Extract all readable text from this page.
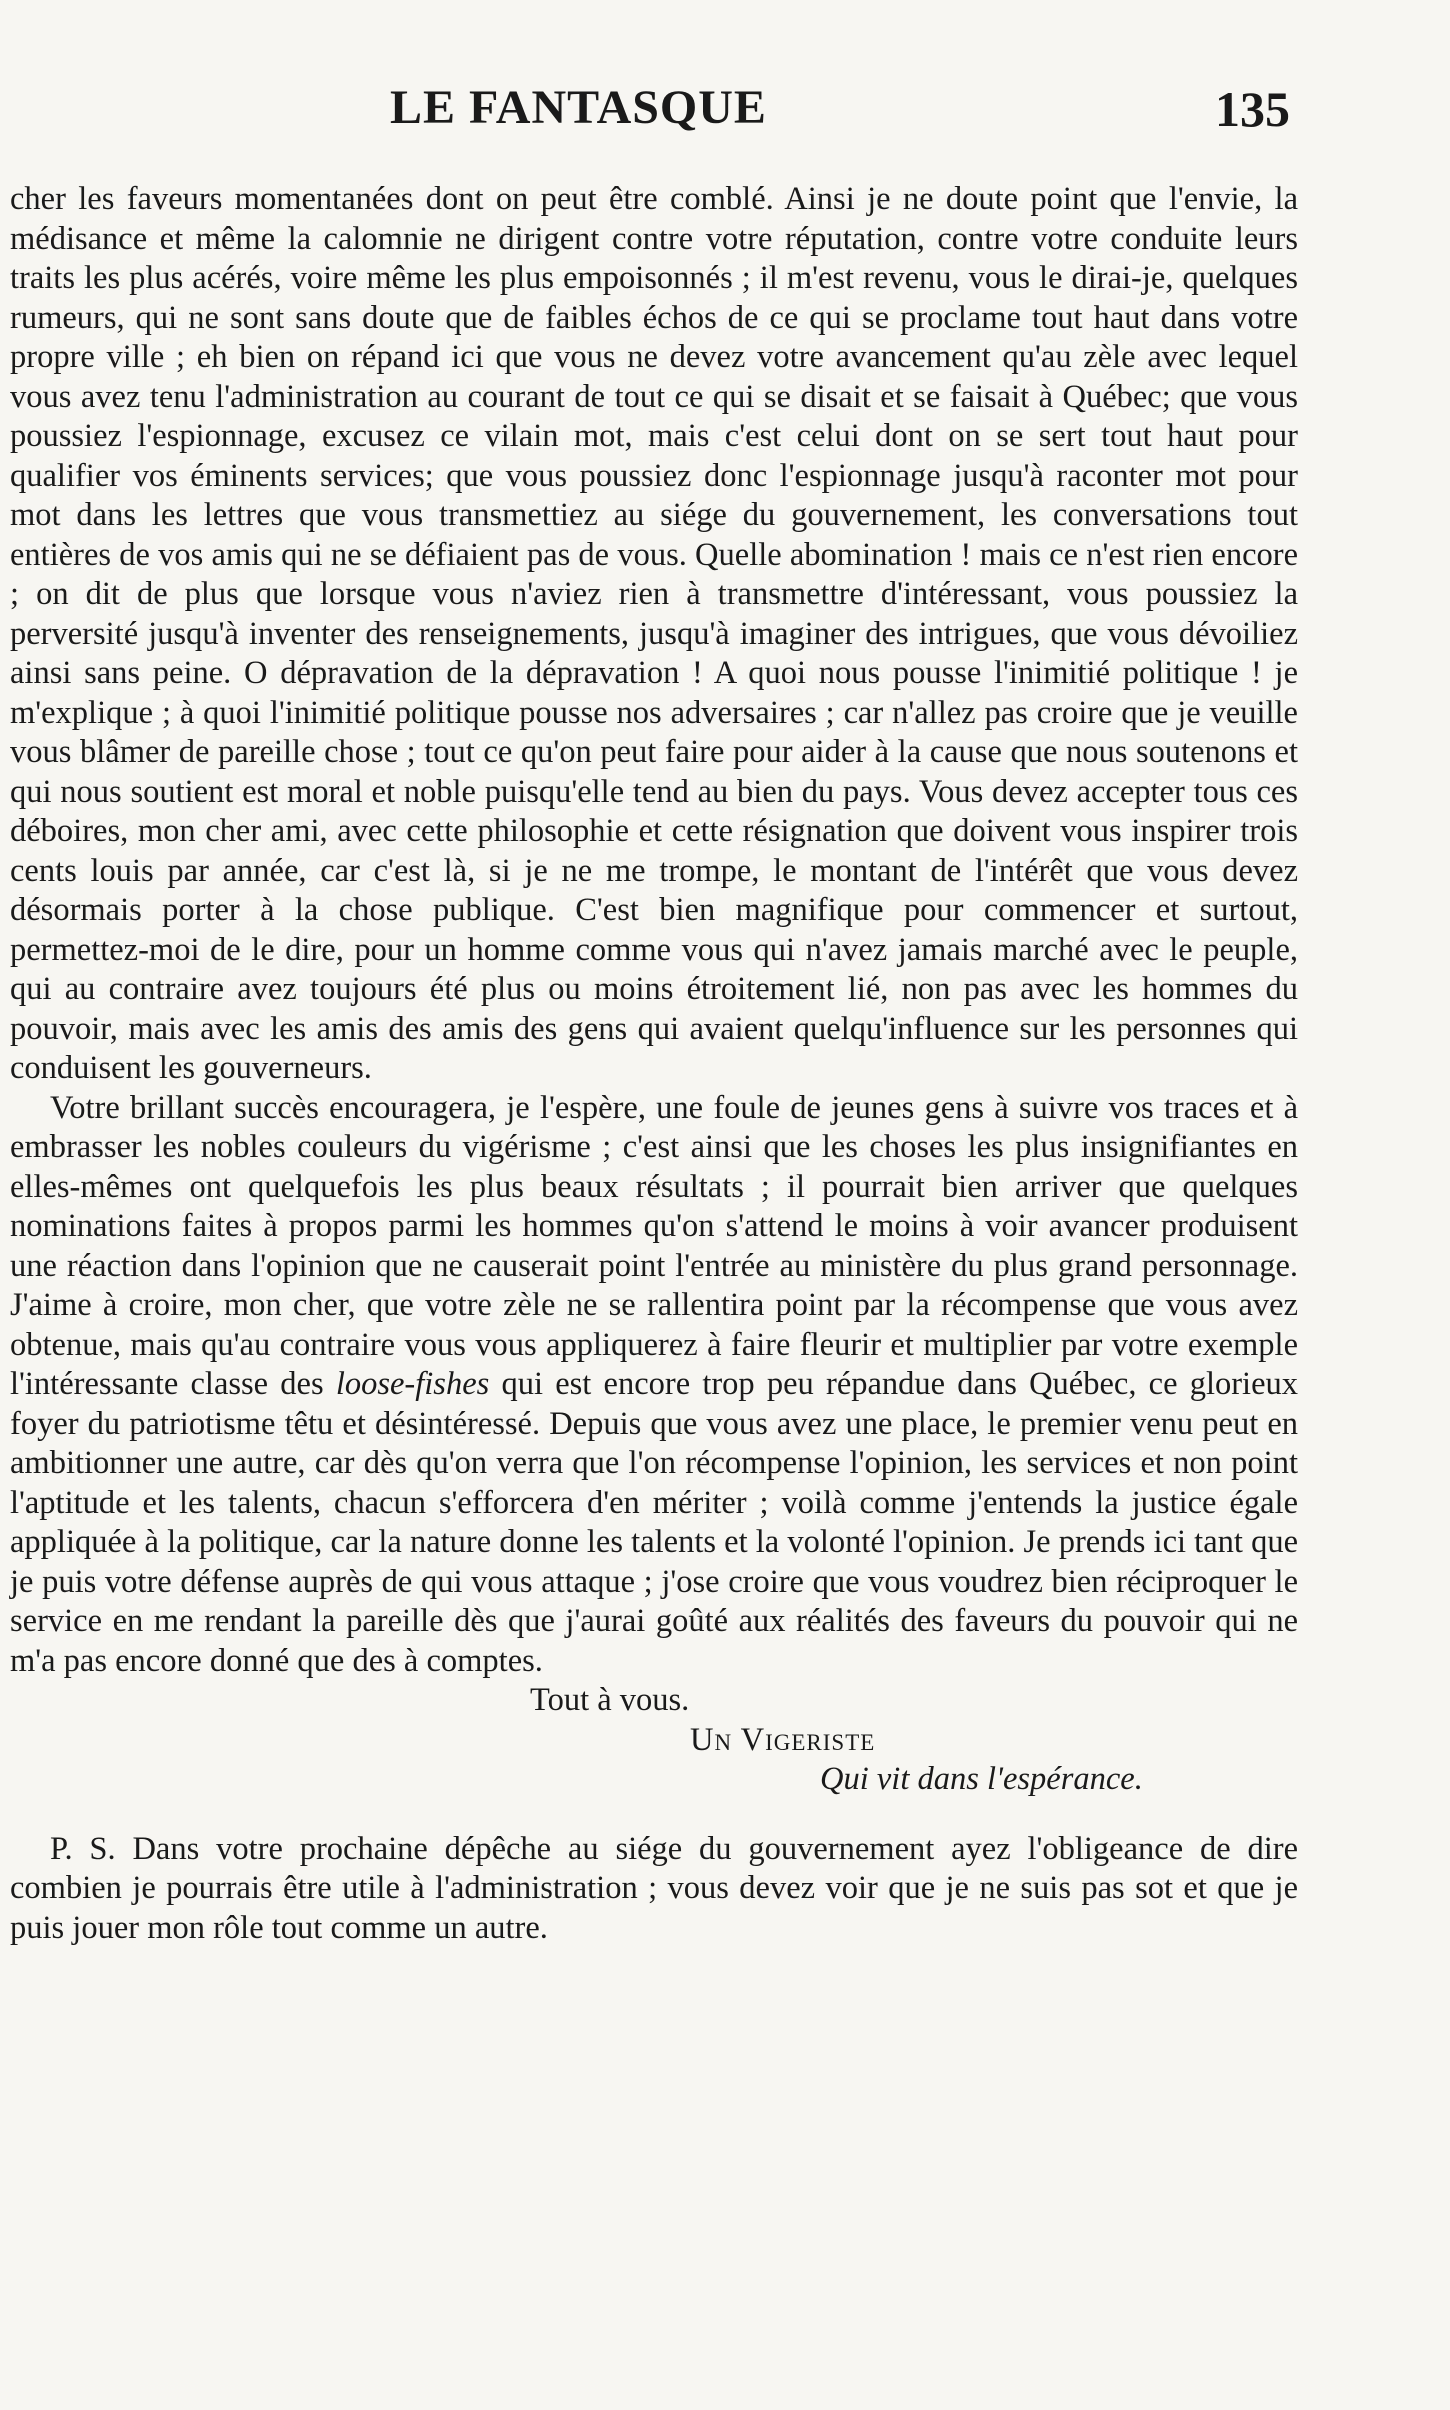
LE FANTASQUE	135

cher les faveurs momentanées dont on peut être comblé. Ainsi je ne doute point que l'envie, la médisance et même la calomnie ne dirigent contre votre réputation, contre votre conduite leurs traits les plus acérés, voire même les plus empoisonnés ; il m'est revenu, vous le dirai-je, quelques rumeurs, qui ne sont sans doute que de faibles échos de ce qui se proclame tout haut dans votre propre ville ; eh bien on répand ici que vous ne devez votre avancement qu'au zèle avec lequel vous avez tenu l'administration au courant de tout ce qui se disait et se faisait à Québec; que vous poussiez l'espionnage, excusez ce vilain mot, mais c'est celui dont on se sert tout haut pour qualifier vos éminents services; que vous poussiez donc l'espionnage jusqu'à raconter mot pour mot dans les lettres que vous transmettiez au siége du gouvernement, les conversations tout entières de vos amis qui ne se défiaient pas de vous. Quelle abomination ! mais ce n'est rien encore ; on dit de plus que lorsque vous n'aviez rien à transmettre d'intéressant, vous poussiez la perversité jusqu'à inventer des renseignements, jusqu'à imaginer des intrigues, que vous dévoiliez ainsi sans peine. O dépravation de la dépravation ! A quoi nous pousse l'inimitié politique ! je m'explique ; à quoi l'inimitié politique pousse nos adversaires ; car n'allez pas croire que je veuille vous blâmer de pareille chose ; tout ce qu'on peut faire pour aider à la cause que nous soutenons et qui nous soutient est moral et noble puisqu'elle tend au bien du pays. Vous devez accepter tous ces déboires, mon cher ami, avec cette philosophie et cette résignation que doivent vous inspirer trois cents louis par année, car c'est là, si je ne me trompe, le montant de l'intérêt que vous devez désormais porter à la chose publique. C'est bien magnifique pour commencer et surtout, permettez-moi de le dire, pour un homme comme vous qui n'avez jamais marché avec le peuple, qui au contraire avez toujours été plus ou moins étroitement lié, non pas avec les hommes du pouvoir, mais avec les amis des amis des gens qui avaient quelqu'influence sur les personnes qui conduisent les gouverneurs.

Votre brillant succès encouragera, je l'espère, une foule de jeunes gens à suivre vos traces et à embrasser les nobles couleurs du vigérisme ; c'est ainsi que les choses les plus insignifiantes en elles-mêmes ont quelquefois les plus beaux résultats ; il pourrait bien arriver que quelques nominations faites à propos parmi les hommes qu'on s'attend le moins à voir avancer produisent une réaction dans l'opinion que ne causerait point l'entrée au ministère du plus grand personnage. J'aime à croire, mon cher, que votre zèle ne se rallentira point par la récompense que vous avez obtenue, mais qu'au contraire vous vous appliquerez à faire fleurir et multiplier par votre exemple l'intéressante classe des loose-fishes qui est encore trop peu répandue dans Québec, ce glorieux foyer du patriotisme têtu et désintéressé. Depuis que vous avez une place, le premier venu peut en ambitionner une autre, car dès qu'on verra que l'on récompense l'opinion, les services et non point l'aptitude et les talents, chacun s'efforcera d'en mériter ; voilà comme j'entends la justice égale appliquée à la politique, car la nature donne les talents et la volonté l'opinion. Je prends ici tant que je puis votre défense auprès de qui vous attaque ; j'ose croire que vous voudrez bien réciproquer le service en me rendant la pareille dès que j'aurai goûté aux réalités des faveurs du pouvoir qui ne m'a pas encore donné que des à comptes.

Tout à vous.

Un Vigeriste

Qui vit dans l'espérance.

P. S. Dans votre prochaine dépêche au siége du gouvernement ayez l'obligeance de dire combien je pourrais être utile à l'administration ; vous devez voir que je ne suis pas sot et que je puis jouer mon rôle tout comme un autre.
